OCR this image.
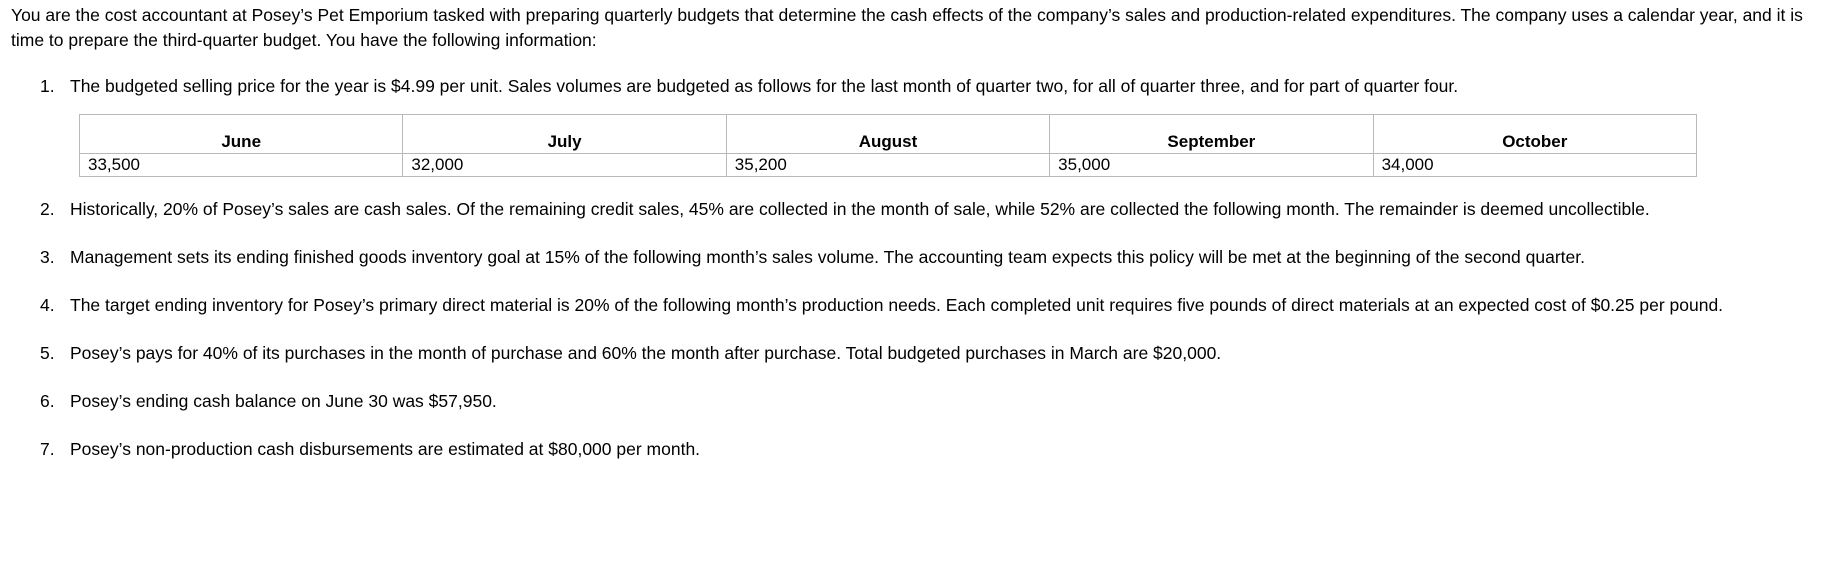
You are the cost accountant at Posey’s Pet Emporium tasked with preparing quarterly budgets that determine the cash effects of the company’s sales and production-related expenditures. The company uses a calendar year, and it is time to prepare the third-quarter budget. You have the following information:

1. The budgeted selling price for the year is $4.99 per unit. Sales volumes are budgeted as follows for the last month of quarter two, for all of quarter three, and for part of quarter four.
June	July	August	September	October
33,500	32,000	35,200	35,000	34,000
2. Historically, 20% of Posey’s sales are cash sales. Of the remaining credit sales, 45% are collected in the month of sale, while 52% are collected the following month. The remainder is deemed uncollectible.
3. Management sets its ending finished goods inventory goal at 15% of the following month’s sales volume. The accounting team expects this policy will be met at the beginning of the second quarter.
4. The target ending inventory for Posey’s primary direct material is 20% of the following month’s production needs. Each completed unit requires five pounds of direct materials at an expected cost of $0.25 per pound.
5. Posey’s pays for 40% of its purchases in the month of purchase and 60% the month after purchase. Total budgeted purchases in March are $20,000.
6. Posey’s ending cash balance on June 30 was $57,950.
7. Posey’s non-production cash disbursements are estimated at $80,000 per month.
